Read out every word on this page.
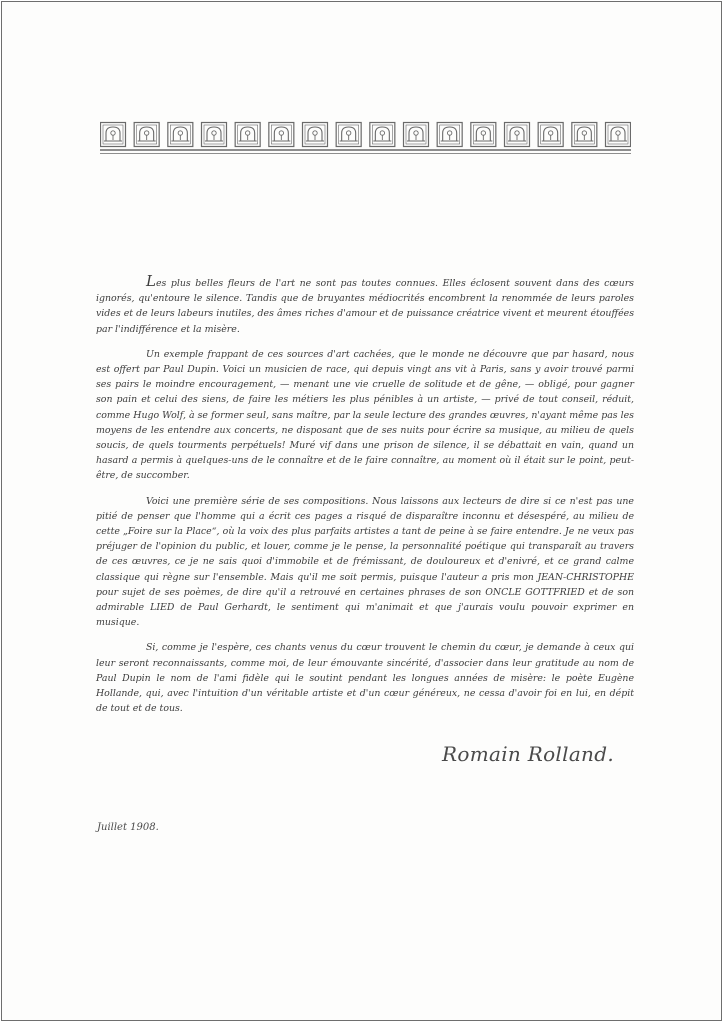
Les plus belles fleurs de l'art ne sont pas toutes connues. Elles éclosent souvent dans des cœurs ignorés, qu'entoure le silence. Tandis que de bruyantes médiocrités encombrent la renommée de leurs paroles vides et de leurs labeurs inutiles, des âmes riches d'amour et de puissance créatrice vivent et meurent étouffées par l'indifférence et la misère.

Un exemple frappant de ces sources d'art cachées, que le monde ne découvre que par hasard, nous est offert par Paul Dupin. Voici un musicien de race, qui depuis vingt ans vit à Paris, sans y avoir trouvé parmi ses pairs le moindre encouragement, — menant une vie cruelle de solitude et de gêne, — obligé, pour gagner son pain et celui des siens, de faire les métiers les plus pénibles à un artiste, — privé de tout conseil, réduit, comme Hugo Wolf, à se former seul, sans maître, par la seule lecture des grandes œuvres, n'ayant même pas les moyens de les entendre aux concerts, ne disposant que de ses nuits pour écrire sa musique, au milieu de quels soucis, de quels tourments perpétuels! Muré vif dans une prison de silence, il se débattait en vain, quand un hasard a permis à quelques-uns de le connaître et de le faire connaître, au moment où il était sur le point, peut-être, de succomber.

Voici une première série de ses compositions. Nous laissons aux lecteurs de dire si ce n'est pas une pitié de penser que l'homme qui a écrit ces pages a risqué de disparaître inconnu et désespéré, au milieu de cette „Foire sur la Place“, où la voix des plus parfaits artistes a tant de peine à se faire entendre. Je ne veux pas préjuger de l'opinion du public, et louer, comme je le pense, la personnalité poétique qui transparaît au travers de ces œuvres, ce je ne sais quoi d'immobile et de frémissant, de douloureux et d'enivré, et ce grand calme classique qui règne sur l'ensemble. Mais qu'il me soit permis, puisque l'auteur a pris mon JEAN-CHRISTOPHE pour sujet de ses poèmes, de dire qu'il a retrouvé en certaines phrases de son ONCLE GOTTFRIED et de son admirable LIED de Paul Gerhardt, le sentiment qui m'animait et que j'aurais voulu pouvoir exprimer en musique.

Si, comme je l'espère, ces chants venus du cœur trouvent le chemin du cœur, je demande à ceux qui leur seront reconnaissants, comme moi, de leur émouvante sincérité, d'associer dans leur gratitude au nom de Paul Dupin le nom de l'ami fidèle qui le soutint pendant les longues années de misère: le poète Eugène Hollande, qui, avec l'intuition d'un véritable artiste et d'un cœur généreux, ne cessa d'avoir foi en lui, en dépit de tout et de tous.

Romain Rolland.
Juillet 1908.
